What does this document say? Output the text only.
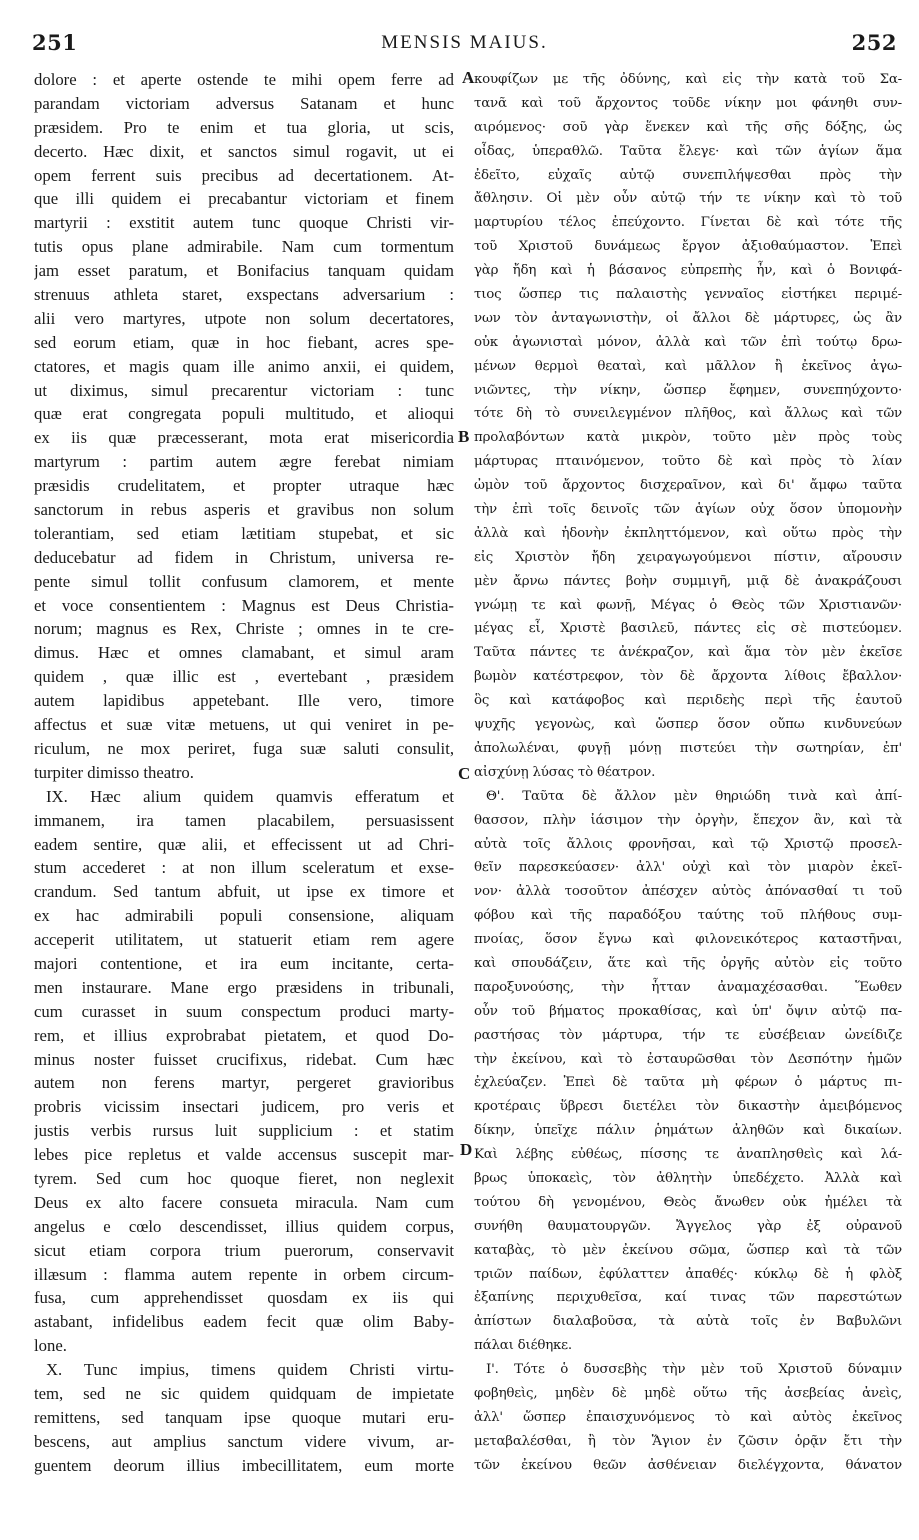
251	MENSIS MAIUS.	252
dolore : et aperte ostende te mihi opem ferre ad
parandam victoriam adversus Satanam et hunc
præsidem. Pro te enim et tua gloria, ut scis,
decerto. Hæc dixit, et sanctos simul rogavit, ut ei
opem ferrent suis precibus ad decertationem. At-
que illi quidem ei precabantur victoriam et finem
martyrii : exstitit autem tunc quoque Christi vir-
tutis opus plane admirabile. Nam cum tormentum
jam esset paratum, et Bonifacius tanquam quidam
strenuus athleta staret, exspectans adversarium :
alii vero martyres, utpote non solum decertatores,
sed eorum etiam, quæ in hoc fiebant, acres spe-
ctatores, et magis quam ille animo anxii, ei quidem,
ut diximus, simul precarentur victoriam : tunc
quæ erat congregata populi multitudo, et alioqui
ex iis quæ præcesserant, mota erat misericordia
martyrum : partim autem ægre ferebat nimiam
præsidis crudelitatem, et propter utraque hæc
sanctorum in rebus asperis et gravibus non solum
tolerantiam, sed etiam lætitiam stupebat, et sic
deducebatur ad fidem in Christum, universa re-
pente simul tollit confusum clamorem, et mente
et voce consentientem : Magnus est Deus Christia-
norum; magnus es Rex, Christe ; omnes in te cre-
dimus. Hæc et omnes clamabant, et simul aram
quidem , quæ illic est , evertebant , præsidem
autem lapidibus appetebant. Ille vero, timore
affectus et suæ vitæ metuens, ut qui veniret in pe-
riculum, ne mox periret, fuga suæ saluti consulit,
turpiter dimisso theatro.
IX. Hæc alium quidem quamvis efferatum et
immanem, ira tamen placabilem, persuasissent
eadem sentire, quæ alii, et effecissent ut ad Chri-
stum accederet : at non illum sceleratum et exse-
crandum. Sed tantum abfuit, ut ipse ex timore et
ex hac admirabili populi consensione, aliquam
acceperit utilitatem, ut statuerit etiam rem agere
majori contentione, et ira eum incitante, certa-
men instaurare. Mane ergo præsidens in tribunali,
cum curasset in suum conspectum produci marty-
rem, et illius exprobrabat pietatem, et quod Do-
minus noster fuisset crucifixus, ridebat. Cum hæc
autem non ferens martyr, pergeret gravioribus
probris vicissim insectari judicem, pro veris et
justis verbis rursus luit supplicium : et statim
lebes pice repletus et valde accensus suscepit mar-
tyrem. Sed cum hoc quoque fieret, non neglexit
Deus ex alto facere consueta miracula. Nam cum
angelus e cœlo descendisset, illius quidem corpus,
sicut etiam corpora trium puerorum, conservavit
illæsum : flamma autem repente in orbem circum-
fusa, cum apprehendisset quosdam ex iis qui
astabant, infidelibus eadem fecit quæ olim Baby-
lone.
X. Tunc impius, timens quidem Christi virtu-
tem, sed ne sic quidem quidquam de impietate
remittens, sed tanquam ipse quoque mutari eru-
bescens, aut amplius sanctum videre vivum, ar-
guentem deorum illius imbecillitatem, eum morte
κουφίζων με τῆς ὀδύνης, καὶ εἰς τὴν κατὰ τοῦ Σα-
τανᾶ καὶ τοῦ ἄρχοντος τοῦδε νίκην μοι φάνηθι συν-
αιρόμενος· σοῦ γὰρ ἕνεκεν καὶ τῆς σῆς δόξης, ὡς
οἶδας, ὑπεραθλῶ. Ταῦτα ἔλεγε· καὶ τῶν ἁγίων ἅμα
ἐδεῖτο, εὐχαῖς αὐτῷ συνεπιλήψεσθαι πρὸς τὴν
ἄθλησιν. Οἱ μὲν οὖν αὐτῷ τήν τε νίκην καὶ τὸ τοῦ
μαρτυρίου τέλος ἐπεύχοντο. Γίνεται δὲ καὶ τότε τῆς
τοῦ Χριστοῦ δυνάμεως ἔργον ἀξιοθαύμαστον. Ἐπεὶ
γὰρ ἤδη καὶ ἡ βάσανος εὐπρεπὴς ἦν, καὶ ὁ Βονιφά-
τιος ὥσπερ τις παλαιστὴς γενναῖος εἱστήκει περιμέ-
νων τὸν ἀνταγωνιστὴν, οἱ ἄλλοι δὲ μάρτυρες, ὡς ἂν
οὐκ ἀγωνισταὶ μόνον, ἀλλὰ καὶ τῶν ἐπὶ τούτῳ δρω-
μένων θερμοὶ θεαταὶ, καὶ μᾶλλον ἢ ἐκεῖνος ἀγω-
νιῶντες, τὴν νίκην, ὥσπερ ἔφημεν, συνεπηύχοντο·
τότε δὴ τὸ συνειλεγμένον πλῆθος, καὶ ἄλλως καὶ τῶν
προλαβόντων κατὰ μικρὸν, τοῦτο μὲν πρὸς τοὺς
μάρτυρας πταινόμενον, τοῦτο δὲ καὶ πρὸς τὸ λίαν
ὠμὸν τοῦ ἄρχοντος δισχεραῖνον, καὶ δι' ἄμφω ταῦτα
τὴν ἐπὶ τοῖς δεινοῖς τῶν ἁγίων οὐχ ὅσον ὑπομονὴν
ἀλλὰ καὶ ἡδονὴν ἐκπληττόμενον, καὶ οὕτω πρὸς τὴν
εἰς Χριστὸν ἤδη χειραγωγούμενοι πίστιν, αἴρουσιν
μὲν ἄρνω πάντες βοὴν συμμιγῆ, μιᾷ δὲ ἀνακράζουσι
γνώμῃ τε καὶ φωνῇ, Μέγας ὁ Θεὸς τῶν Χριστιανῶν·
μέγας εἶ, Χριστὲ βασιλεῦ, πάντες εἰς σὲ πιστεύομεν.
Ταῦτα πάντες τε ἀνέκραζον, καὶ ἅμα τὸν μὲν ἐκεῖσε
βωμὸν κατέστρεφον, τὸν δὲ ἄρχοντα λίθοις ἔβαλλον·
ὃς καὶ κατάφοβος καὶ περιδεὴς περὶ τῆς ἑαυτοῦ
ψυχῆς γεγονὼς, καὶ ὥσπερ ὅσον οὔπω κινδυνεύων
ἀπολωλέναι, φυγῇ μόνῃ πιστεύει τὴν σωτηρίαν, ἐπ'
αἰσχύνῃ λύσας τὸ θέατρον.
Θ'. Ταῦτα δὲ ἄλλον μὲν θηριώδη τινὰ καὶ ἀπί-
θασσον, πλὴν ἰάσιμον τὴν ὀργὴν, ἔπεχον ἂν, καὶ τὰ
αὐτὰ τοῖς ἄλλοις φρονῆσαι, καὶ τῷ Χριστῷ προσελ-
θεῖν παρεσκεύασεν· ἀλλ' οὐχὶ καὶ τὸν μιαρὸν ἐκεῖ-
νον· ἀλλὰ τοσοῦτον ἀπέσχεν αὐτὸς ἀπόνασθαί τι τοῦ
φόβου καὶ τῆς παραδόξου ταύτης τοῦ πλήθους συμ-
πνοίας, ὅσον ἔγνω καὶ φιλονεικότερος καταστῆναι,
καὶ σπουδάζειν, ἅτε καὶ τῆς ὀργῆς αὐτὸν εἰς τοῦτο
παροξυνούσης, τὴν ἧτταν ἀναμαχέσασθαι. Ἕωθεν
οὖν τοῦ βήματος προκαθίσας, καὶ ὑπ' ὄψιν αὐτῷ πα-
ραστήσας τὸν μάρτυρα, τήν τε εὐσέβειαν ὠνείδιζε
τὴν ἐκείνου, καὶ τὸ ἐσταυρῶσθαι τὸν Δεσπότην ἡμῶν
ἐχλεύαζεν. Ἐπεὶ δὲ ταῦτα μὴ φέρων ὁ μάρτυς πι-
κροτέραις ὕβρεσι διετέλει τὸν δικαστὴν ἀμειβόμενος
δίκην, ὑπεῖχε πάλιν ῥημάτων ἀληθῶν καὶ δικαίων.
Καὶ λέβης εὐθέως, πίσσης τε ἀναπλησθεὶς καὶ λά-
βρως ὑποκαεὶς, τὸν ἀθλητὴν ὑπεδέχετο. Ἀλλὰ καὶ
τούτου δὴ γενομένου, Θεὸς ἄνωθεν οὐκ ἠμέλει τὰ
συνήθη θαυματουργῶν. Ἄγγελος γὰρ ἐξ οὐρανοῦ
καταβὰς, τὸ μὲν ἐκείνου σῶμα, ὥσπερ καὶ τὰ τῶν
τριῶν παίδων, ἐφύλαττεν ἀπαθές· κύκλῳ δὲ ἡ φλὸξ
ἐξαπίνης περιχυθεῖσα, καί τινας τῶν παρεστώτων
ἀπίστων διαλαβοῦσα, τὰ αὐτὰ τοῖς ἐν Βαβυλῶνι
πάλαι διέθηκε.
Ι'. Τότε ὁ δυσσεβὴς τὴν μὲν τοῦ Χριστοῦ δύναμιν
φοβηθεὶς, μηδὲν δὲ μηδὲ οὕτω τῆς ἀσεβείας ἀνεὶς,
ἀλλ' ὥσπερ ἐπαισχυνόμενος τὸ καὶ αὐτὸς ἐκεῖνος
μεταβαλέσθαι, ἢ τὸν Ἅγιον ἐν ζῶσιν ὁρᾷν ἔτι τὴν
τῶν ἐκείνου θεῶν ἀσθένειαν διελέγχοντα, θάνατον
A
B
C
D
